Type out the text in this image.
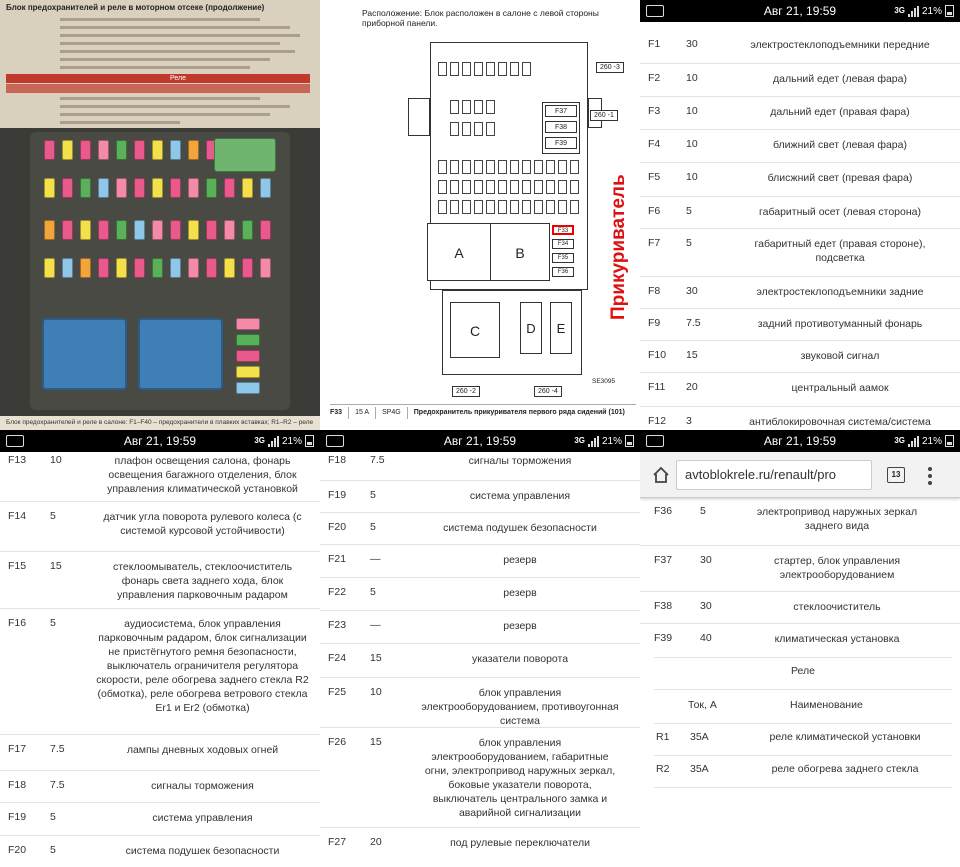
Блок предохранителей и реле в моторном отсеке (продолжение)
Реле
Блок предохранителей и реле в салоне: F1–F40 – предохранители в плавких вставках; R1–R2 – реле
Расположение: Блок расположен в салоне с левой стороны приборной панели.
F37
F38
F39
F33
F34
F35
F36
A	B
C	D	E
260 -3
260 -1
260 -2	260 -4
SE3095
Прикуриватель
F33 15 A SP4G Предохранитель прикуривателя первого ряда сидений (101)
Авг 21, 19:59	3G 21%
F1 30	электростеклоподъемники передние
F2 10	дальний едет (левая фара)
F3 10	дальний едет (правая фара)
F4 10	ближний свет (левая фара)
F5 10	блисжний свет (превая фара)
F6 5	габаритный осет (левая сторона)
F7 5	габаритный едет (правая стороне), подсветка
F8 30	электростеклоподъемники задние
F9 7.5	задний противотуманный фонарь
F10 15	звуковой сигнал
F11 20	центральный аамок
F12 3	антиблокировочная система/система
Авг 21, 19:59	3G 21%
F13 10	плафон освещения салона, фонарь освещения багажного отделения, блок управления климатической установкой
F14 5	датчик угла поворота рулевого колеса (с системой курсовой устойчивости)
F15 15	стеклоомыватель, стеклоочиститель фонарь света заднего хода, блок управления парковочным радаром
F16 5	аудиосистема, блок управления парковочным радаром, блок сигнализации не пристёгнутого ремня безопасности, выключатель ограничителя регулятора скорости, реле обогрева заднего стекла R2 (обмотка), реле обогрева ветрового стекла Er1 и Er2 (обмотка)
F17 7.5	лампы дневных ходовых огней
F18 7.5	сигналы торможения
F19 5	система управления
F20 5	система подушек безопасности
Авг 21, 19:59	3G 21%
F18 7.5	сигналы торможения
F19 5	система управления
F20 5	система подушек безопасности
F21 —	резерв
F22 5	резерв
F23 —	резерв
F24 15	указатели поворота
F25 10	блок управления электрооборудованием, противоугонная система
F26 15	блок управления электрооборудованием, габаритные огни, электропривод наружных зеркал, боковые указатели поворота, выключатель центрального замка и аварийной сигнализации
F27 20	под рулевые переключатели
Авг 21, 19:59	3G 21%
avtoblokrele.ru/renault/pro	13
F36	5	электропривод наружных зеркал заднего вида
F37	30	стартер, блок управления электрооборудованием
F38	30	стеклоочиститель
F39	40	климатическая установка
Реле
Ток, А	Наименование
R1 35A	реле климатической установки
R2 35A	реле обогрева заднего стекла
